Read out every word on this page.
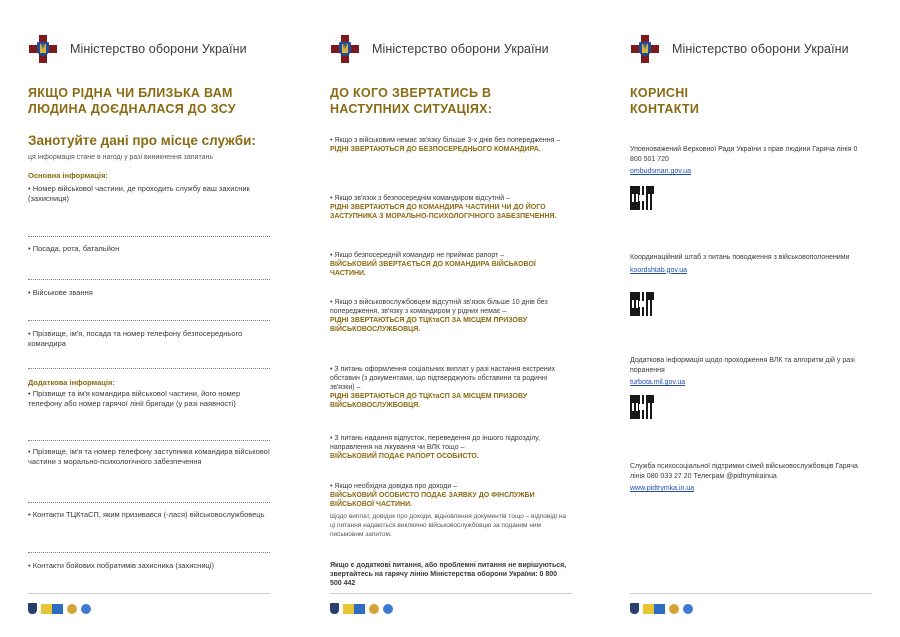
Міністерство оборони України
ЯКЩО РІДНА ЧИ БЛИЗЬКА ВАМ
ЛЮДИНА ДОЄДНАЛАСЯ ДО ЗСУ
Занотуйте дані про місце служби:
ця інформація стане в нагоді у разі виникнення запитань
Основна інформація:
• Номер військової частини, де проходить службу ваш захисник (захисниця)
• Посада, рота, батальйон
• Військове звання
• Прізвище, ім'я, посада та номер телефону безпосереднього командира
Додаткова інформація:
• Прізвище та ім'я командира військової частини, його номер телефону або номер гарячої лінії бригади (у разі наявності)
• Прізвище, ім'я та номер телефону заступника командира військової частини з морально-психологічного забезпечення
• Контакти ТЦКтаСП, яким призивався (-лася) військовослужбовець
• Контакти бойових побратимів захисника (захисниці)
Міністерство оборони України
ДО КОГО ЗВЕРТАТИСЬ В
НАСТУПНИХ СИТУАЦІЯХ:
• Якщо з військовим немає зв'язку більше 3-х днів без попередження –
РІДНІ ЗВЕРТАЮТЬСЯ ДО БЕЗПОСЕРЕДНЬОГО КОМАНДИРА.
• Якщо зв'язок з безпосереднім командиром відсутній –
РІДНІ ЗВЕРТАЮТЬСЯ ДО КОМАНДИРА ЧАСТИНИ ЧИ ДО ЙОГО ЗАСТУПНИКА З МОРАЛЬНО-ПСИХОЛОГІЧНОГО ЗАБЕЗПЕЧЕННЯ.
• Якщо безпосередній командир не приймає рапорт –
ВІЙСЬКОВИЙ ЗВЕРТАЄТЬСЯ ДО КОМАНДИРА ВІЙСЬКОВОЇ ЧАСТИНИ.
• Якщо з військовослужбовцем відсутній зв'язок більше 10 днів без попередження, зв'язку з командиром у рідних немає –
РІДНІ ЗВЕРТАЮТЬСЯ ДО ТЦКтаСП ЗА МІСЦЕМ ПРИЗОВУ ВІЙСЬКОВОСЛУЖБОВЦЯ.
• З питань оформлення соціальних виплат у разі настання екстрених обставин (з документами, що підтверджують обставини та родинні зв'язки) –
РІДНІ ЗВЕРТАЮТЬСЯ ДО ТЦКтаСП ЗА МІСЦЕМ ПРИЗОВУ ВІЙСЬКОВОСЛУЖБОВЦЯ.
• З питань надання відпусток, переведення до іншого підрозділу, направлення на лікування чи ВЛК тощо –
ВІЙСЬКОВИЙ ПОДАЄ РАПОРТ ОСОБИСТО.
• Якщо необхідна довідка про доходи –
ВІЙСЬКОВИЙ ОСОБИСТО ПОДАЄ ЗАЯВКУ ДО ФІНСЛУЖБИ ВІЙСЬКОВОЇ ЧАСТИНИ.
Щодо виплат, довідок про доходи, відновлення документів тощо – відповіді на ці питання надаються виключно військовослужбовцю за поданим ним письмовим запитом.
Якщо є додаткові питання, або проблемні питання не вирішуються, звертайтесь на гарячу лінію Міністерства оборони України: 0 800 500 442
Міністерство оборони України
КОРИСНІ
КОНТАКТИ
Уповноважений Верховної Ради України з прав людини Гаряча лінія 0 800 501 720
ombudsman.gov.ua
Координаційний штаб з питань поводження з військовополоненими
koordshtab.gov.ua
Додаткова інформація щодо проходження ВЛК та алгоритм дій у разі поранення
turbota.mil.gov.ua
Служба психосоціальної підтримки сімей військовослужбовців Гаряча лінія 080 033 27 20 Телеграм @pidtrymkainua
www.pidtrymka.in.ua
